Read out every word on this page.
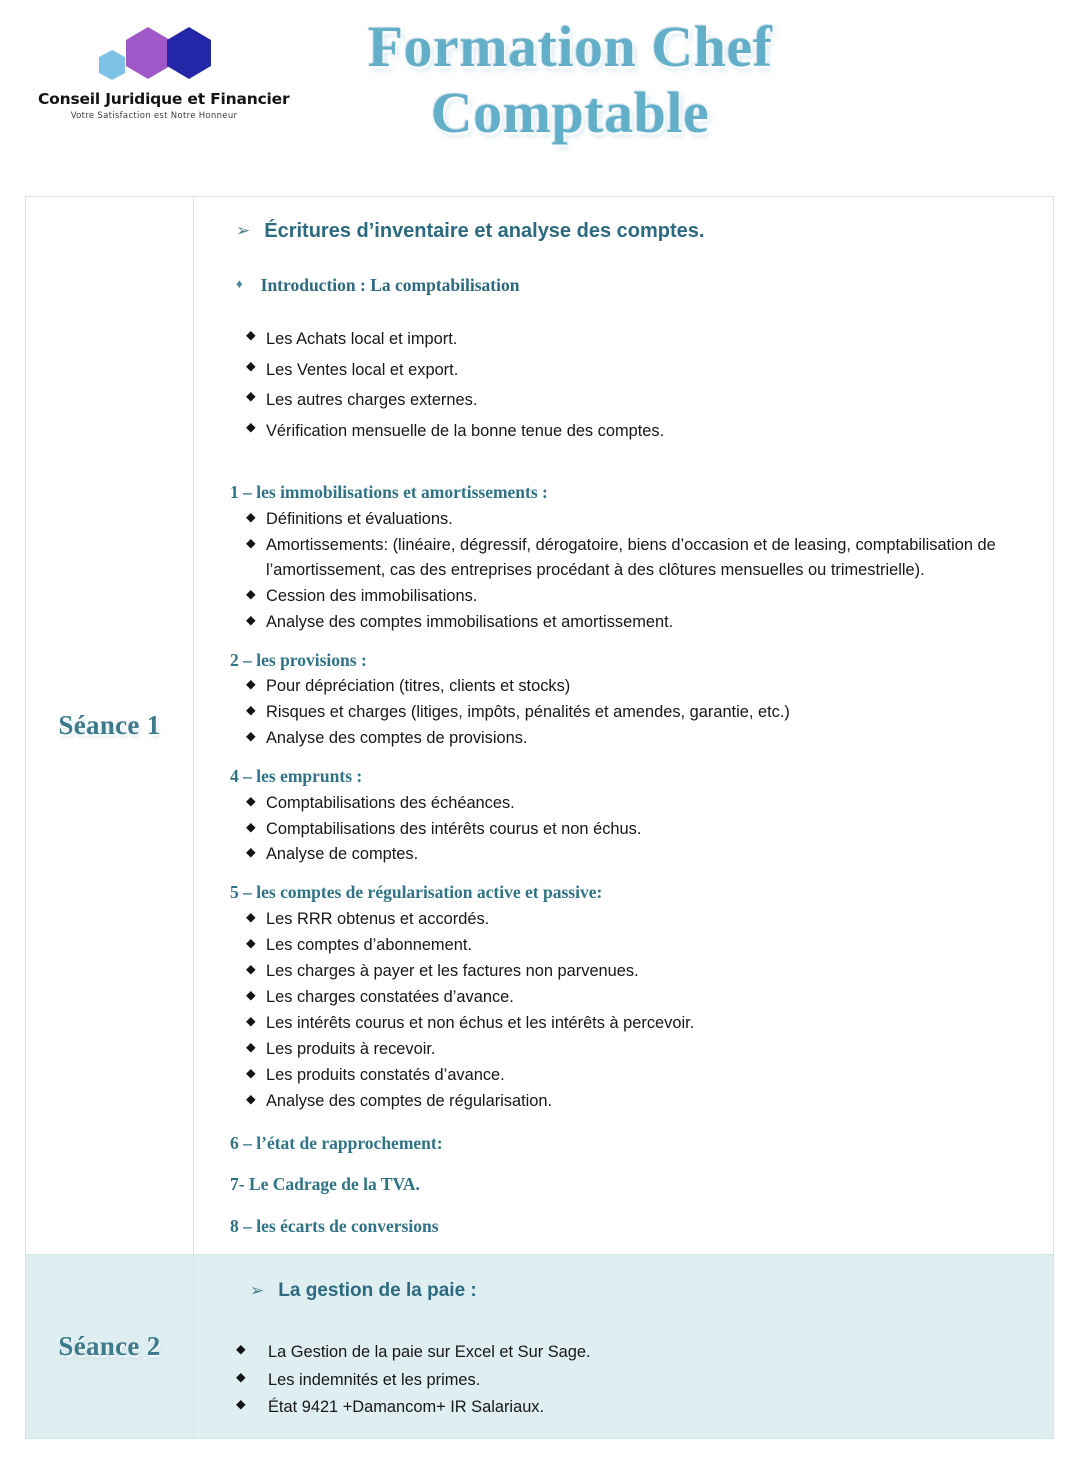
Conseil Juridique et Financier
Votre Satisfaction est Notre Honneur
Formation Chef Comptable
Séance 1	
➢ Écritures d’inventaire et analyse des comptes.
♦ Introduction : La comptabilisation
◆ Les Achats local et import.
◆ Les Ventes local et export.
◆ Les autres charges externes.
◆ Vérification mensuelle de la bonne tenue des comptes.
1 – les immobilisations et amortissements :
◆ Définitions et évaluations.
◆ Amortissements: (linéaire, dégressif, dérogatoire, biens d’occasion et de leasing, comptabilisation de l’amortissement, cas des entreprises procédant à des clôtures mensuelles ou trimestrielle).
◆ Cession des immobilisations.
◆ Analyse des comptes immobilisations et amortissement.
2 – les provisions :
◆ Pour dépréciation (titres, clients et stocks)
◆ Risques et charges (litiges, impôts, pénalités et amendes, garantie, etc.)
◆ Analyse des comptes de provisions.
4 – les emprunts :
◆ Comptabilisations des échéances.
◆ Comptabilisations des intérêts courus et non échus.
◆ Analyse de comptes.
5 – les comptes de régularisation active et passive:
◆ Les RRR obtenus et accordés.
◆ Les comptes d’abonnement.
◆ Les charges à payer et les factures non parvenues.
◆ Les charges constatées d’avance.
◆ Les intérêts courus et non échus et les intérêts à percevoir.
◆ Les produits à recevoir.
◆ Les produits constatés d’avance.
◆ Analyse des comptes de régularisation.
6 – l’état de rapprochement:
7- Le Cadrage de la TVA.
8 – les écarts de conversions

Séance 2	
➢ La gestion de la paie :
◆	La Gestion de la paie sur Excel et Sur Sage.
◆	Les indemnités et les primes.
◆	État 9421 +Damancom+ IR Salariaux.
